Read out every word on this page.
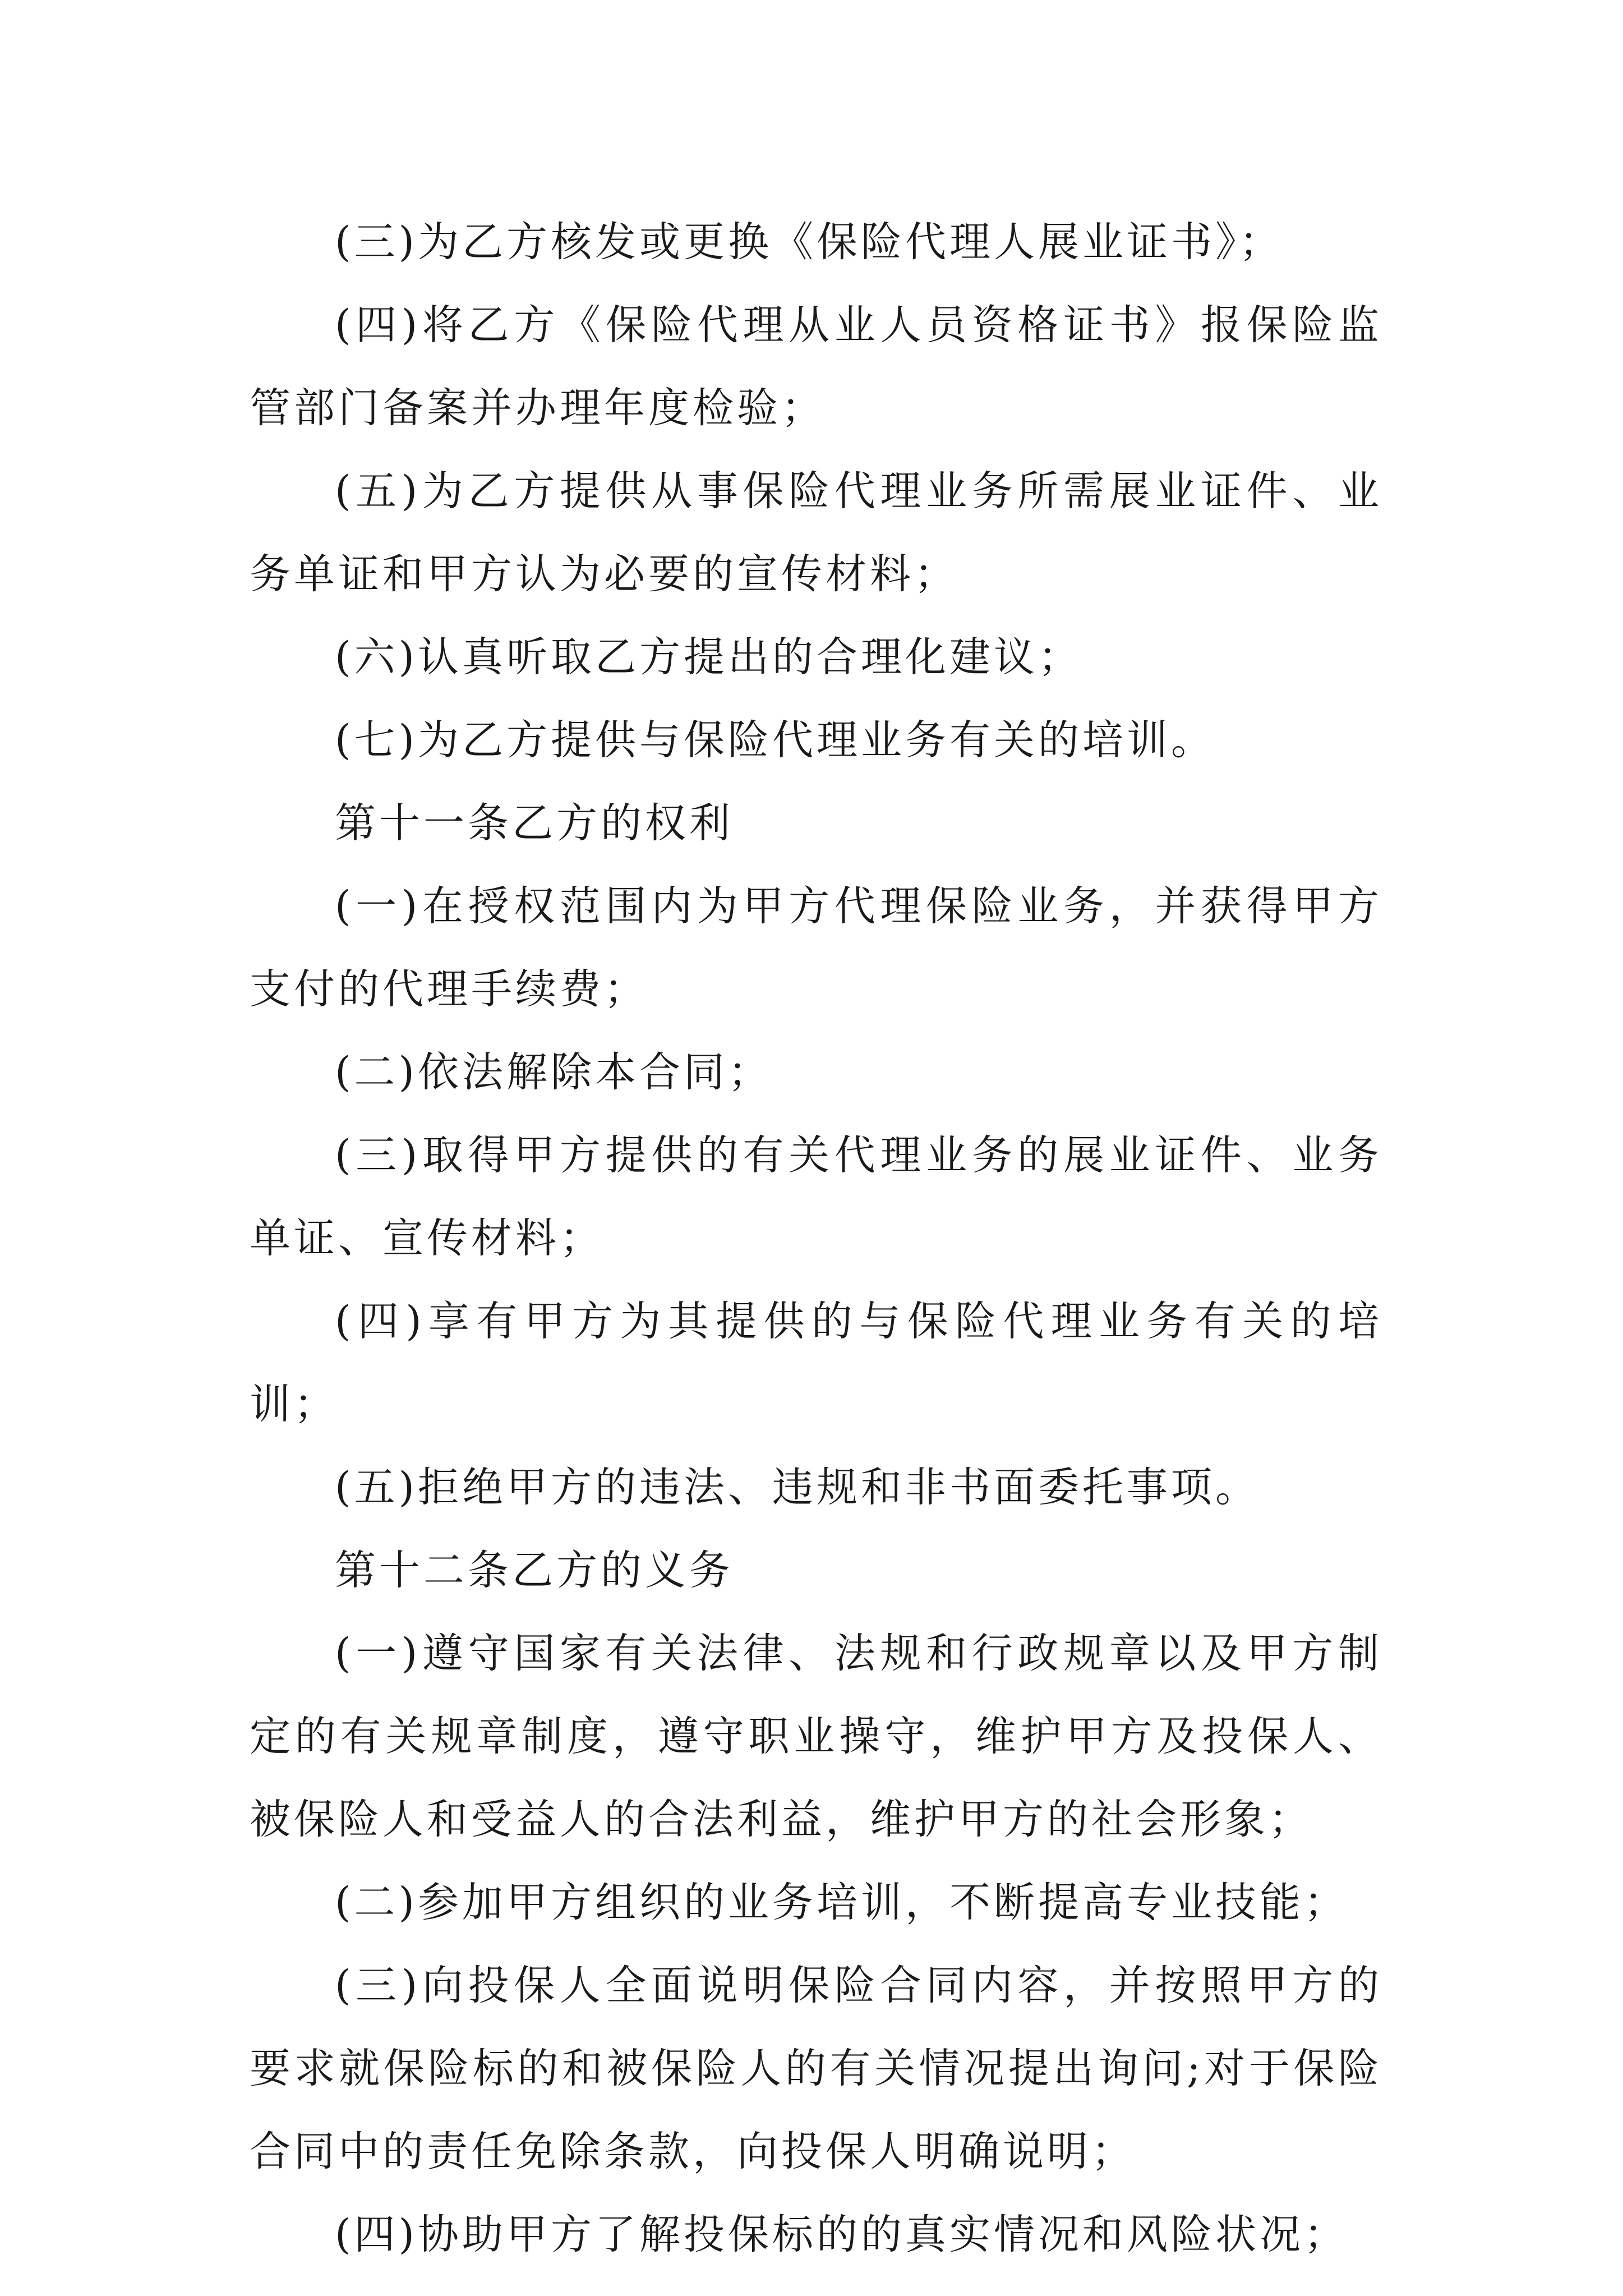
(三)为乙方核发或更换《保险代理人展业证书》；

(四)将乙方《保险代理从业人员资格证书》报保险监管部门备案并办理年度检验；

(五)为乙方提供从事保险代理业务所需展业证件、业务单证和甲方认为必要的宣传材料；

(六)认真听取乙方提出的合理化建议；

(七)为乙方提供与保险代理业务有关的培训。

第十一条乙方的权利

(一)在授权范围内为甲方代理保险业务，并获得甲方支付的代理手续费；

(二)依法解除本合同；

(三)取得甲方提供的有关代理业务的展业证件、业务单证、宣传材料；

(四)享有甲方为其提供的与保险代理业务有关的培训；

(五)拒绝甲方的违法、违规和非书面委托事项。

第十二条乙方的义务

(一)遵守国家有关法律、法规和行政规章以及甲方制定的有关规章制度，遵守职业操守，维护甲方及投保人、被保险人和受益人的合法利益，维护甲方的社会形象；

(二)参加甲方组织的业务培训，不断提高专业技能；

(三)向投保人全面说明保险合同内容，并按照甲方的要求就保险标的和被保险人的有关情况提出询问;对于保险合同中的责任免除条款，向投保人明确说明；

(四)协助甲方了解投保标的的真实情况和风险状况；
